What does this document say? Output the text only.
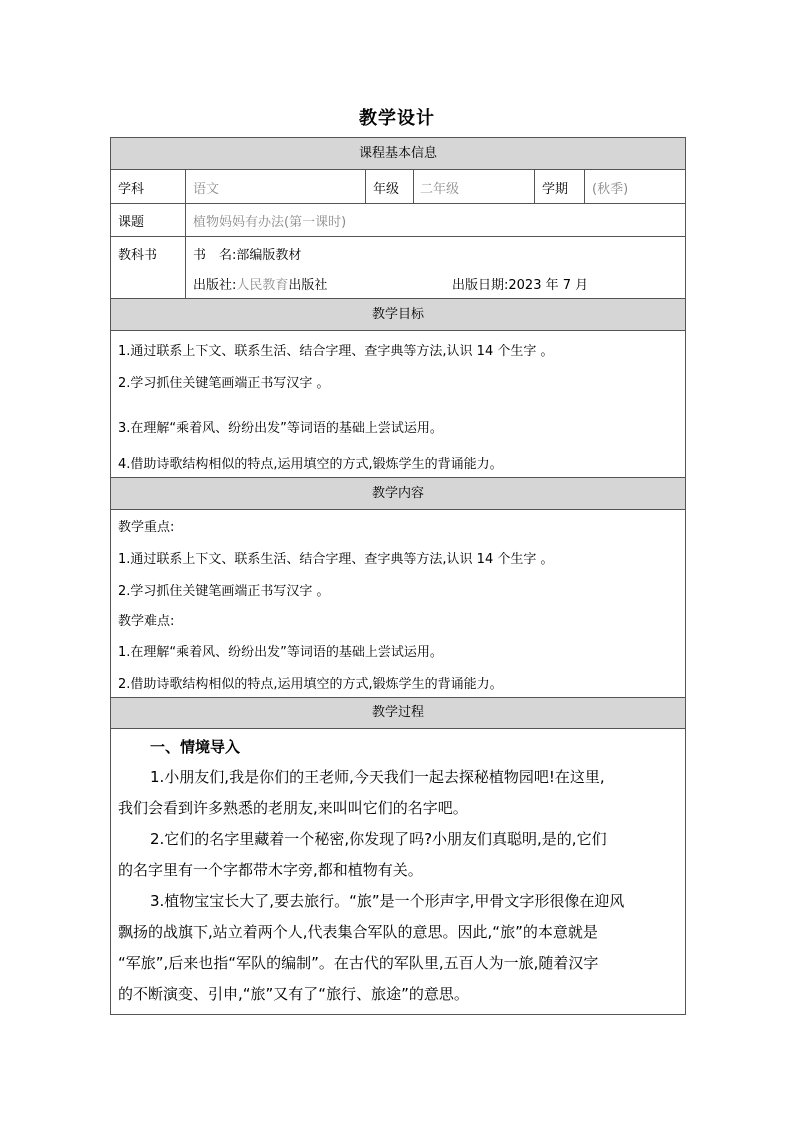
教学设计
课程基本信息
学科	语文	年级 二年级	学期 (秋季)
课题	植物妈妈有办法(第一课时)
教科书	书　名:部编版教材
出版社:人民教育出版社	出版日期:2023 年 7 月
教学目标
1.通过联系上下文、联系生活、结合字理、查字典等方法,认识 14 个生字 。
2.学习抓住关键笔画端正书写汉字 。
3.在理解“乘着风、纷纷出发”等词语的基础上尝试运用。
4.借助诗歌结构相似的特点,运用填空的方式,锻炼学生的背诵能力。
教学内容
教学重点:
1.通过联系上下文、联系生活、结合字理、查字典等方法,认识 14 个生字 。
2.学习抓住关键笔画端正书写汉字 。
教学难点:
1.在理解“乘着风、纷纷出发”等词语的基础上尝试运用。
2.借助诗歌结构相似的特点,运用填空的方式,锻炼学生的背诵能力。
教学过程
一、情境导入
1.小朋友们,我是你们的王老师,今天我们一起去探秘植物园吧!在这里,
我们会看到许多熟悉的老朋友,来叫叫它们的名字吧。
2.它们的名字里藏着一个秘密,你发现了吗?小朋友们真聪明,是的,它们
的名字里有一个字都带木字旁,都和植物有关。
3.植物宝宝长大了,要去旅行。“旅”是一个形声字,甲骨文字形很像在迎风
飘扬的战旗下,站立着两个人,代表集合军队的意思。因此,“旅”的本意就是
“军旅”,后来也指“军队的编制”。在古代的军队里,五百人为一旅,随着汉字
的不断演变、引申,“旅”又有了“旅行、旅途”的意思。
